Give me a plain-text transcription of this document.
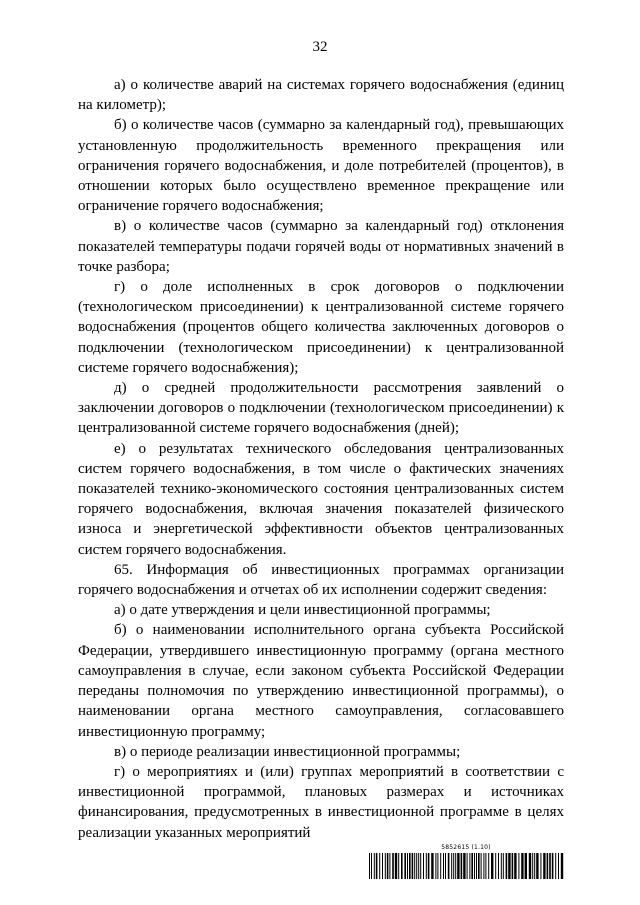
32

а) о количестве аварий на системах горячего водоснабжения (единиц на километр);

б) о количестве часов (суммарно за календарный год), превышающих установленную продолжительность временного прекращения или ограничения горячего водоснабжения, и доле потребителей (процентов), в отношении которых было осуществлено временное прекращение или ограничение горячего водоснабжения;

в) о количестве часов (суммарно за календарный год) отклонения показателей температуры подачи горячей воды от нормативных значений в точке разбора;

г) о доле исполненных в срок договоров о подключении (технологическом присоединении) к централизованной системе горячего водоснабжения (процентов общего количества заключенных договоров о подключении (технологическом присоединении) к централизованной системе горячего водоснабжения);

д) о средней продолжительности рассмотрения заявлений о заключении договоров о подключении (технологическом присоединении) к централизованной системе горячего водоснабжения (дней);

е) о результатах технического обследования централизованных систем горячего водоснабжения, в том числе о фактических значениях показателей технико-экономического состояния централизованных систем горячего водоснабжения, включая значения показателей физического износа и энергетической эффективности объектов централизованных систем горячего водоснабжения.

65. Информация об инвестиционных программах организации горячего водоснабжения и отчетах об их исполнении содержит сведения:

а) о дате утверждения и цели инвестиционной программы;

б) о наименовании исполнительного органа субъекта Российской Федерации, утвердившего инвестиционную программу (органа местного самоуправления в случае, если законом субъекта Российской Федерации переданы полномочия по утверждению инвестиционной программы), о наименовании органа местного самоуправления, согласовавшего инвестиционную программу;

в) о периоде реализации инвестиционной программы;

г) о мероприятиях и (или) группах мероприятий в соответствии с инвестиционной программой, плановых размерах и источниках финансирования, предусмотренных в инвестиционной программе в целях реализации указанных мероприятий

5852615 (1.10)
